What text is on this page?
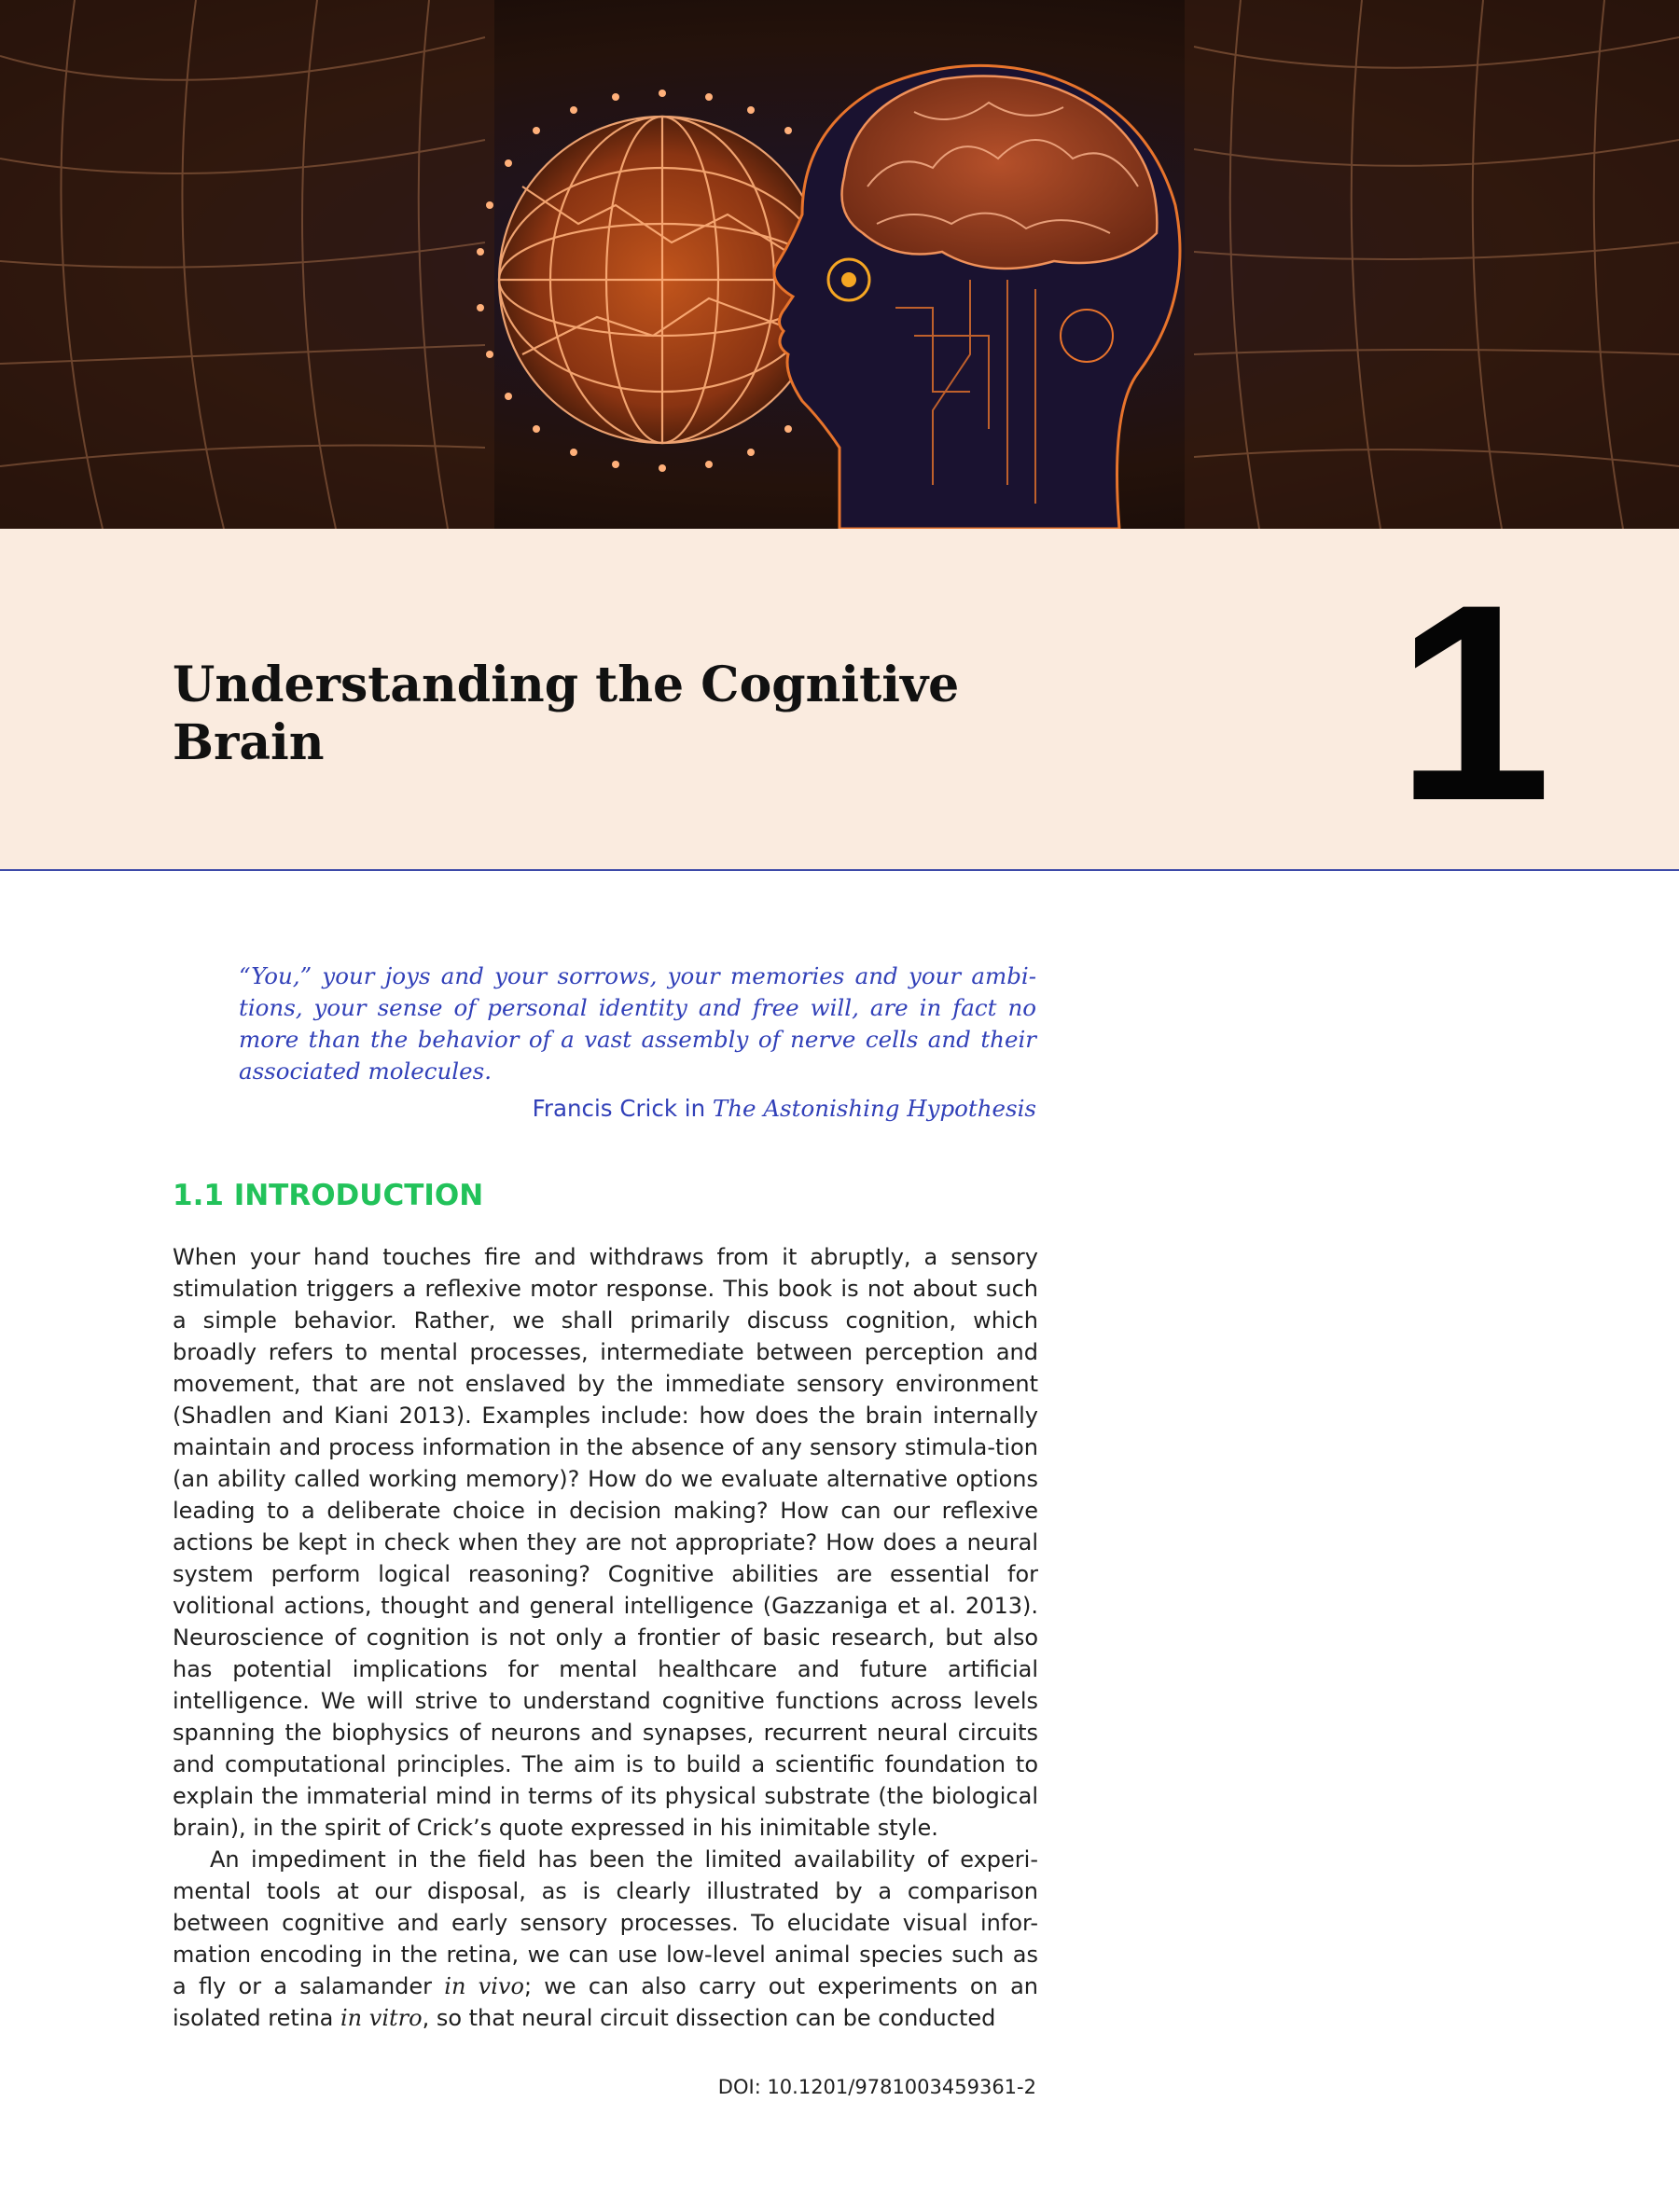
Understanding the Cognitive
Brain	1

“You,” your joys and your sorrows, your memories and your ambi-tions, your sense of personal identity and free will, are in fact no more than the behavior of a vast assembly of nerve cells and their associated molecules.

Francis Crick in The Astonishing Hypothesis

1.1 INTRODUCTION

When your hand touches fire and withdraws from it abruptly, a sensory stimulation triggers a reflexive motor response. This book is not about such a simple behavior. Rather, we shall primarily discuss cognition, which broadly refers to mental processes, intermediate between perception and movement, that are not enslaved by the immediate sensory environment (Shadlen and Kiani 2013). Examples include: how does the brain internally maintain and process information in the absence of any sensory stimula-tion (an ability called working memory)? How do we evaluate alternative options leading to a deliberate choice in decision making? How can our reflexive actions be kept in check when they are not appropriate? How does a neural system perform logical reasoning? Cognitive abilities are essential for volitional actions, thought and general intelligence (Gazzaniga et al. 2013). Neuroscience of cognition is not only a frontier of basic research, but also has potential implications for mental healthcare and future artificial intelligence. We will strive to understand cognitive functions across levels spanning the biophysics of neurons and synapses, recurrent neural circuits and computational principles. The aim is to build a scientific foundation to explain the immaterial mind in terms of its physical substrate (the biological brain), in the spirit of Crick’s quote expressed in his inimitable style.

An impediment in the field has been the limited availability of experi-mental tools at our disposal, as is clearly illustrated by a comparison between cognitive and early sensory processes. To elucidate visual infor-mation encoding in the retina, we can use low-level animal species such as a fly or a salamander in vivo; we can also carry out experiments on an isolated retina in vitro, so that neural circuit dissection can be conducted

DOI: 10.1201/9781003459361-2
